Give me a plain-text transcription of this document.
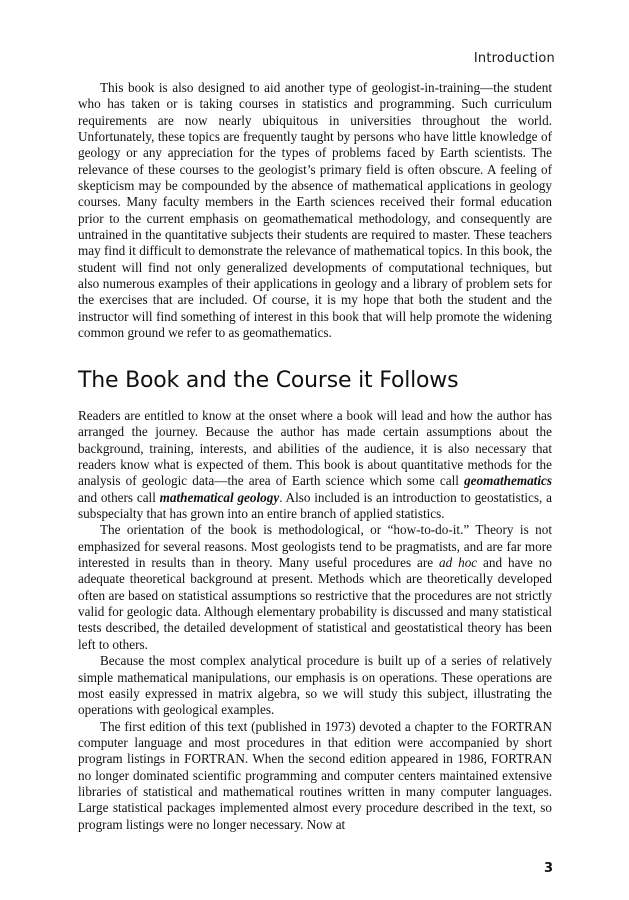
Introduction

This book is also designed to aid another type of geologist-in-training—the student who has taken or is taking courses in statistics and programming. Such curriculum requirements are now nearly ubiquitous in universities throughout the world. Unfortunately, these topics are frequently taught by persons who have little knowledge of geology or any appreciation for the types of problems faced by Earth scientists. The relevance of these courses to the geologist’s primary field is often obscure. A feeling of skepticism may be compounded by the absence of mathematical applications in geology courses. Many faculty members in the Earth sciences received their formal education prior to the current emphasis on geomathematical methodology, and consequently are untrained in the quantitative subjects their students are required to master. These teachers may find it difficult to demonstrate the relevance of mathematical topics. In this book, the student will find not only generalized developments of computational techniques, but also numerous examples of their applications in geology and a library of problem sets for the exercises that are included. Of course, it is my hope that both the student and the instructor will find something of interest in this book that will help promote the widening common ground we refer to as geomathematics.

The Book and the Course it Follows

Readers are entitled to know at the onset where a book will lead and how the author has arranged the journey. Because the author has made certain assumptions about the background, training, interests, and abilities of the audience, it is also necessary that readers know what is expected of them. This book is about quantitative methods for the analysis of geologic data—the area of Earth science which some call geomathematics and others call mathematical geology. Also included is an introduction to geostatistics, a subspecialty that has grown into an entire branch of applied statistics.

The orientation of the book is methodological, or “how-to-do-it.” Theory is not emphasized for several reasons. Most geologists tend to be pragmatists, and are far more interested in results than in theory. Many useful procedures are ad hoc and have no adequate theoretical background at present. Methods which are theoretically developed often are based on statistical assumptions so restrictive that the procedures are not strictly valid for geologic data. Although elementary probability is discussed and many statistical tests described, the detailed development of statistical and geostatistical theory has been left to others.

Because the most complex analytical procedure is built up of a series of relatively simple mathematical manipulations, our emphasis is on operations. These operations are most easily expressed in matrix algebra, so we will study this subject, illustrating the operations with geological examples.

The first edition of this text (published in 1973) devoted a chapter to the FORTRAN computer language and most procedures in that edition were accompanied by short program listings in FORTRAN. When the second edition appeared in 1986, FORTRAN no longer dominated scientific programming and computer centers maintained extensive libraries of statistical and mathematical routines written in many computer languages. Large statistical packages implemented almost every procedure described in the text, so program listings were no longer necessary. Now at

3
